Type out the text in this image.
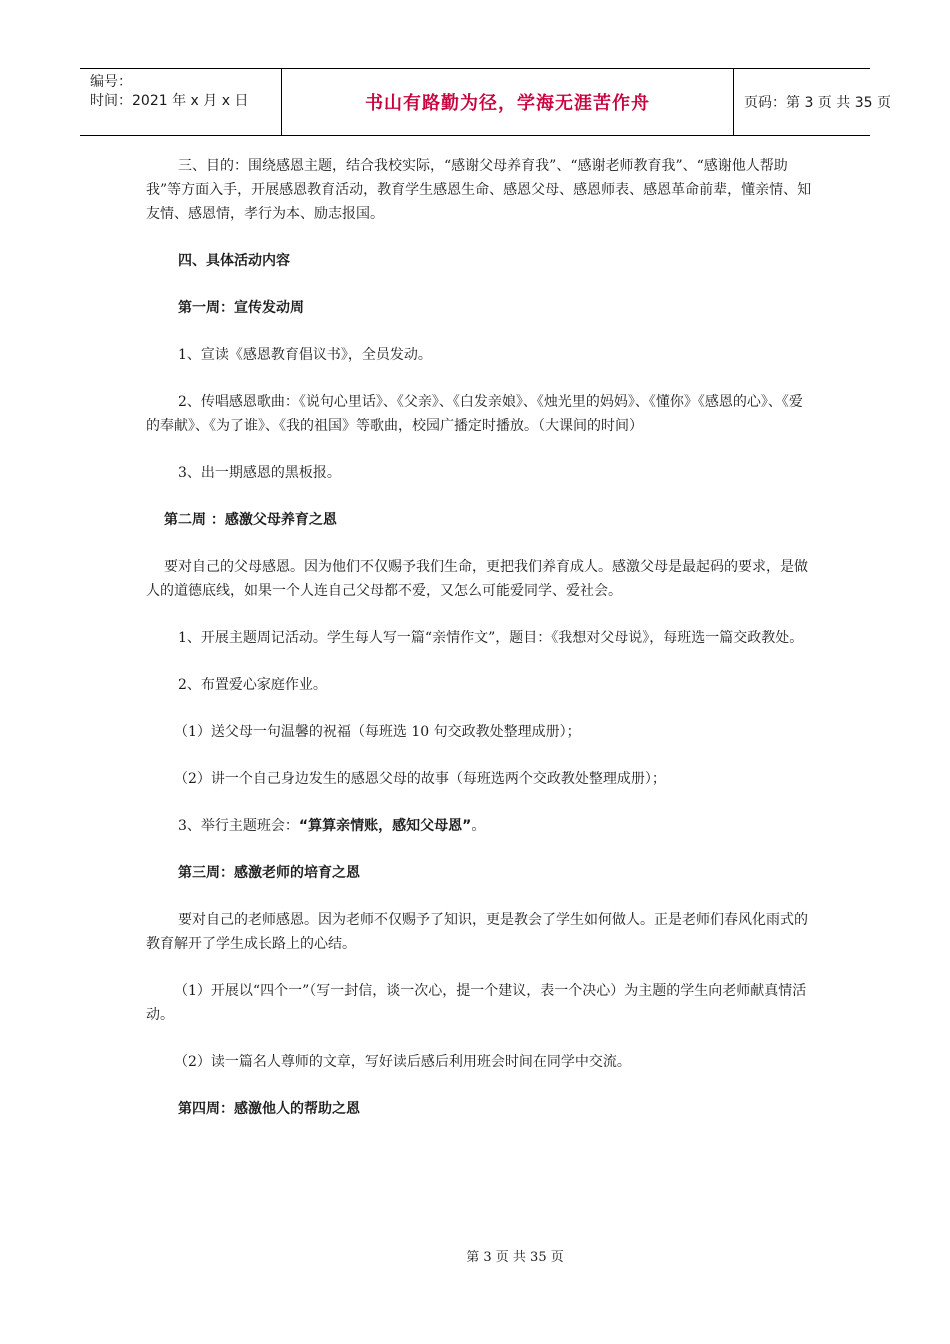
编号：
时间：2021 年 x 月 x 日	书山有路勤为径，学海无涯苦作舟	页码：第 3 页 共 35 页

三、目的：围绕感恩主题，结合我校实际，“感谢父母养育我”、“感谢老师教育我”、“感谢他人帮助我”等方面入手，开展感恩教育活动，教育学生感恩生命、感恩父母、感恩师表、感恩革命前辈，懂亲情、知友情、感恩情，孝行为本、励志报国。

四、具体活动内容

第一周：宣传发动周

1、宣读《感恩教育倡议书》，全员发动。

2、传唱感恩歌曲：《说句心里话》、《父亲》、《白发亲娘》、《烛光里的妈妈》、《懂你》《感恩的心》、《爱的奉献》、《为了谁》、《我的祖国》等歌曲，校园广播定时播放。（大课间的时间）

3、出一期感恩的黑板报。

第二周 ：感激父母养育之恩

要对自己的父母感恩。因为他们不仅赐予我们生命，更把我们养育成人。感激父母是最起码的要求，是做人的道德底线，如果一个人连自己父母都不爱，又怎么可能爱同学、爱社会。

1、开展主题周记活动。学生每人写一篇“亲情作文”，题目：《我想对父母说》，每班选一篇交政教处。

2、布置爱心家庭作业。

（1）送父母一句温馨的祝福（每班选 10 句交政教处整理成册）；

（2）讲一个自己身边发生的感恩父母的故事（每班选两个交政教处整理成册）；

3、举行主题班会：“算算亲情账，感知父母恩”。

第三周：感激老师的培育之恩

要对自己的老师感恩。因为老师不仅赐予了知识，更是教会了学生如何做人。正是老师们春风化雨式的教育解开了学生成长路上的心结。

（1）开展以“四个一”（写一封信，谈一次心，提一个建议，表一个决心）为主题的学生向老师献真情活动。

（2）读一篇名人尊师的文章，写好读后感后利用班会时间在同学中交流。

第四周：感激他人的帮助之恩

第 3 页 共 35 页
